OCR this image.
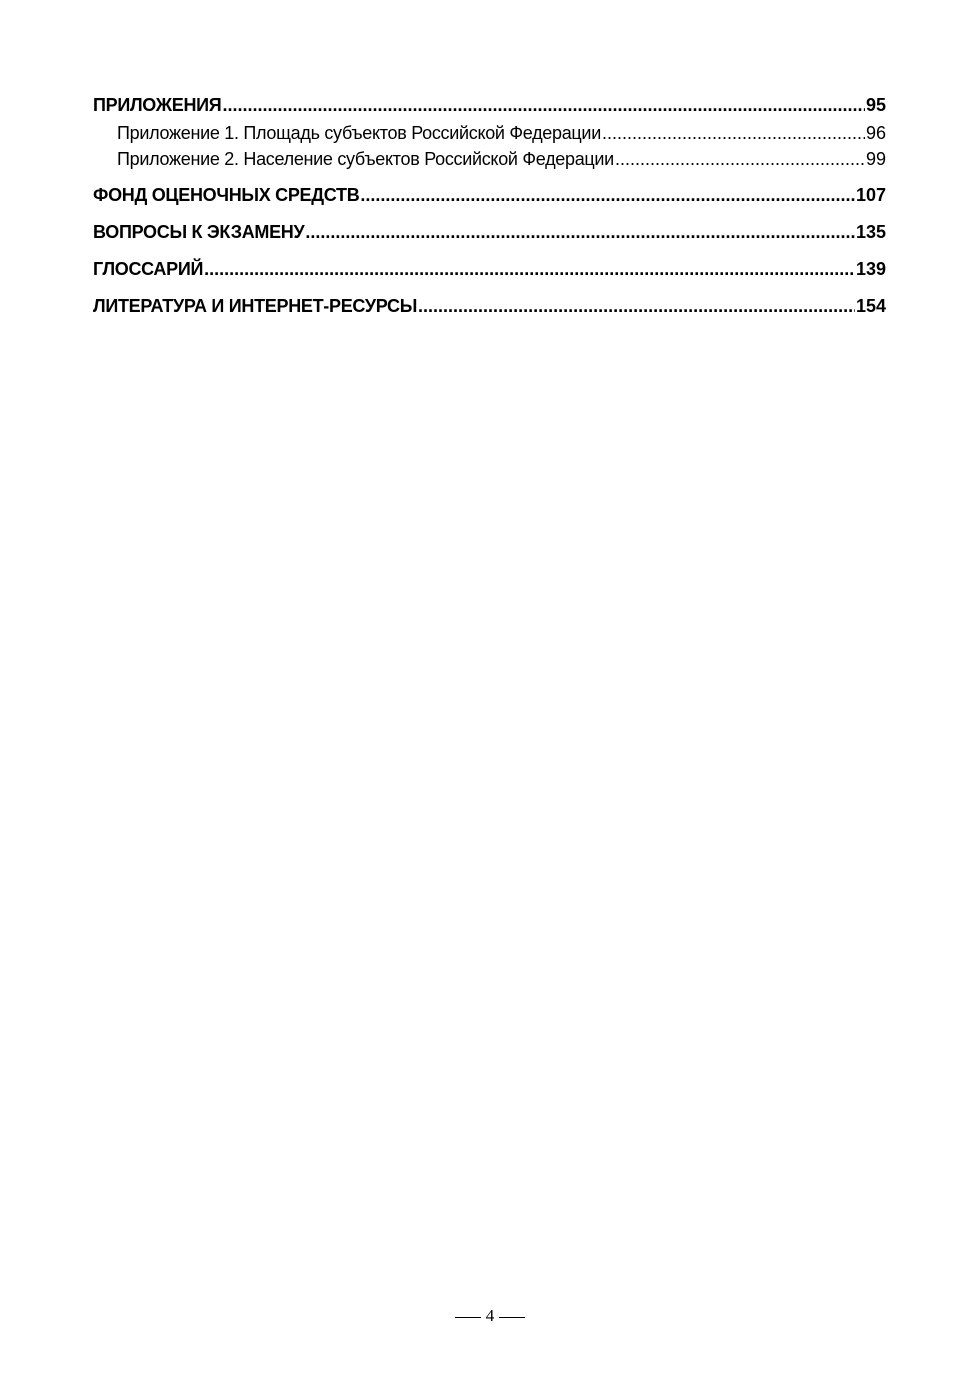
ПРИЛОЖЕНИЯ .....	95
Приложение 1. Площадь субъектов Российской Федерации .....	96
Приложение 2. Население субъектов Российской Федерации .....	99
ФОНД ОЦЕНОЧНЫХ СРЕДСТВ .....	107
ВОПРОСЫ К ЭКЗАМЕНУ .....	135
ГЛОССАРИЙ .....	139
ЛИТЕРАТУРА И ИНТЕРНЕТ-РЕСУРСЫ .....	154
4
